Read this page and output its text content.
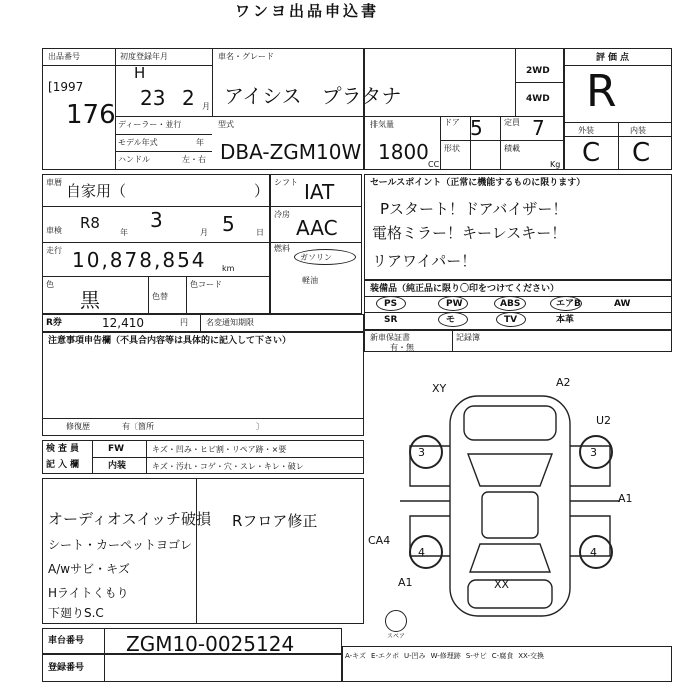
ワンヨ出品申込書
出品番号
[1997
176
初度登録年月
H
23 2 月
ディーラー・並行
モデル年式	年
ハンドル	左・右
車名・グレード
アイシス　プラタナ
2WD
4WD
型式
DBA-ZGM10W
排気量
1800
CC
ドア 5	定員 7
形状	積載
Kg
評価点
R
外装	内装
C C
車暦 自家用（	）
車検 R8
年
3
月 5	日
走行 10,878,854 km
色
黒	色替
色コード
シフト IAT
冷房
AAC
燃料
ガソリン
軽油
セールスポイント（正常に機能するものに限ります）
Pスタート！ドアバイザー！
電格ミラー！キーレスキー！
リアワイパー！
装備品（純正品に限り〇印をつけてください）
PS	PW	ABS	エアB	AW
SR	モ	TV	本革
新車保証書
有・無
記録簿
R券	12,410	円 名変通知期限
注意事項申告欄（不具合内容等は具体的に記入して下さい）
修復歴	有〔箇所	〕
検査員
記入欄
FW	キズ・凹み・ヒビ割・リペア跡・×要
内装	キズ・汚れ・コゲ・穴・スレ・キレ・破レ
オーディオスイッチ破損
シート・カーペットヨゴレ
A/wサビ・キズ
Hライトくもり
下廻りS.C
Rフロア修正
3	3
4	4
XY	A2
U2
A1
CA4
A1	XX
スペア
車台番号 ZGM10-0025124
登録番号
A-キズ E-エクボ U-凹み W-修理跡 S-サビ C-腐食 XX-交換
